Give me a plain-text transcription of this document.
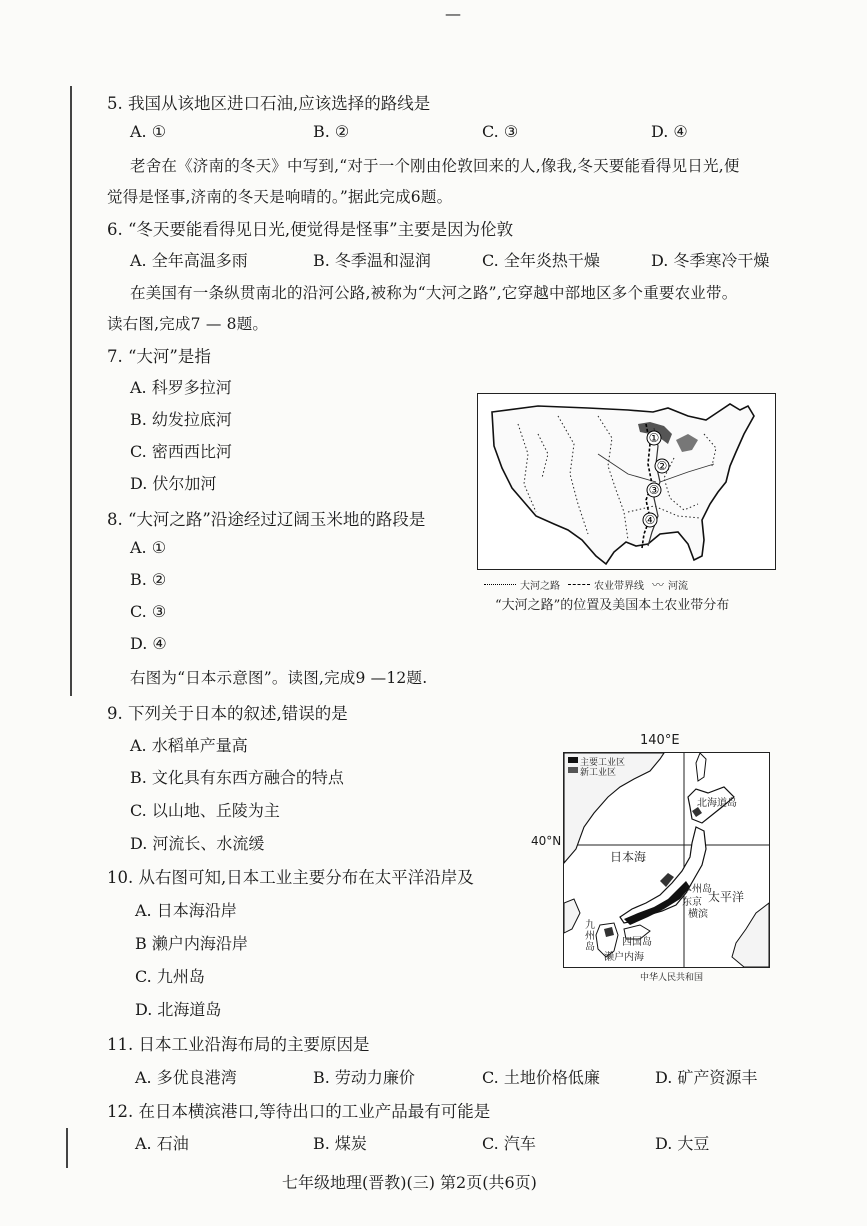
—
5. 我国从该地区进口石油,应该选择的路线是
A. ①	B. ②	C. ③	D. ④
老舍在《济南的冬天》中写到,“对于一个刚由伦敦回来的人,像我,冬天要能看得见日光,便
觉得是怪事,济南的冬天是响晴的。”据此完成6题。
6. “冬天要能看得见日光,便觉得是怪事”主要是因为伦敦
A. 全年高温多雨	B. 冬季温和湿润	C. 全年炎热干燥	D. 冬季寒冷干燥
在美国有一条纵贯南北的沿河公路,被称为“大河之路”,它穿越中部地区多个重要农业带。
读右图,完成7 — 8题。
7. “大河”是指
A. 科罗多拉河
B. 幼发拉底河
C. 密西西比河
D. 伏尔加河
8. “大河之路”沿途经过辽阔玉米地的路段是
A. ①
B. ②
C. ③
D. ④
①
②
③
④
大河之路	农业带界线 〰 河流
“大河之路”的位置及美国本土农业带分布
右图为“日本示意图”。读图,完成9 —12题.
9. 下列关于日本的叙述,错误的是
A. 水稻单产量高
B. 文化具有东西方融合的特点
C. 以山地、丘陵为主
D. 河流长、水流缓
10. 从右图可知,日本工业主要分布在太平洋沿岸及
A. 日本海沿岸
B 濑户内海沿岸
C. 九州岛
D. 北海道岛
140°E
40°N
主要工业区
新工业区
北海道岛
日本海
本州岛
东京
横滨
太平洋
九州岛	四国岛
濑户内海
中华人民共和国
11. 日本工业沿海布局的主要原因是
A. 多优良港湾	B. 劳动力廉价	C. 土地价格低廉	D. 矿产资源丰
12. 在日本横滨港口,等待出口的工业产品最有可能是
A. 石油	B. 煤炭	C. 汽车	D. 大豆
七年级地理(晋教)(三) 第2页(共6页)
